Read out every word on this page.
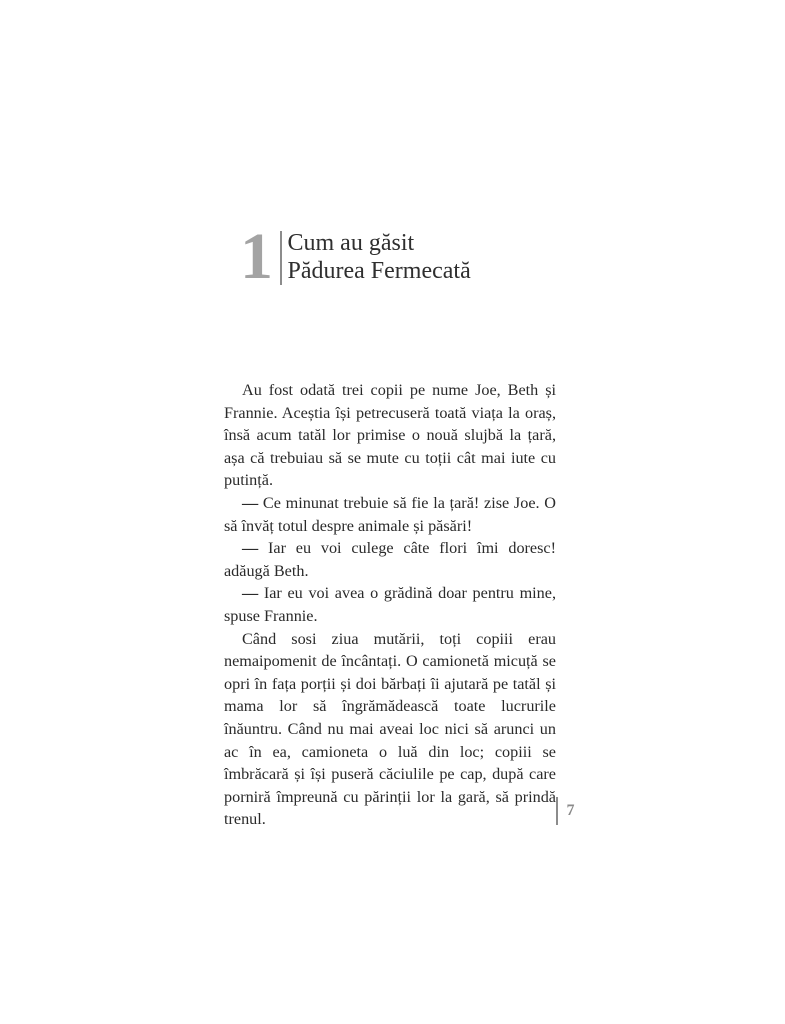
1 Cum au găsit
Pădurea Fermecată

Au fost odată trei copii pe nume Joe, Beth și Frannie. Aceștia își petrecuseră toată viața la oraș, însă acum tatăl lor primise o nouă slujbă la țară, așa că trebuiau să se mute cu toții cât mai iute cu putință.

— Ce minunat trebuie să fie la țară! zise Joe. O să învăț totul despre animale și păsări!

— Iar eu voi culege câte flori îmi doresc! adăugă Beth.

— Iar eu voi avea o grădină doar pentru mine, spuse Frannie.

Când sosi ziua mutării, toți copiii erau nemaipomenit de încântați. O camionetă micuță se opri în fața porții și doi bărbați îi ajutară pe tatăl și mama lor să îngrămădească toate lucrurile înăuntru. Când nu mai aveai loc nici să arunci un ac în ea, camioneta o luă din loc; copiii se îmbrăcară și își puseră căciulile pe cap, după care porniră împreună cu părinții lor la gară, să prindă trenul.	7
